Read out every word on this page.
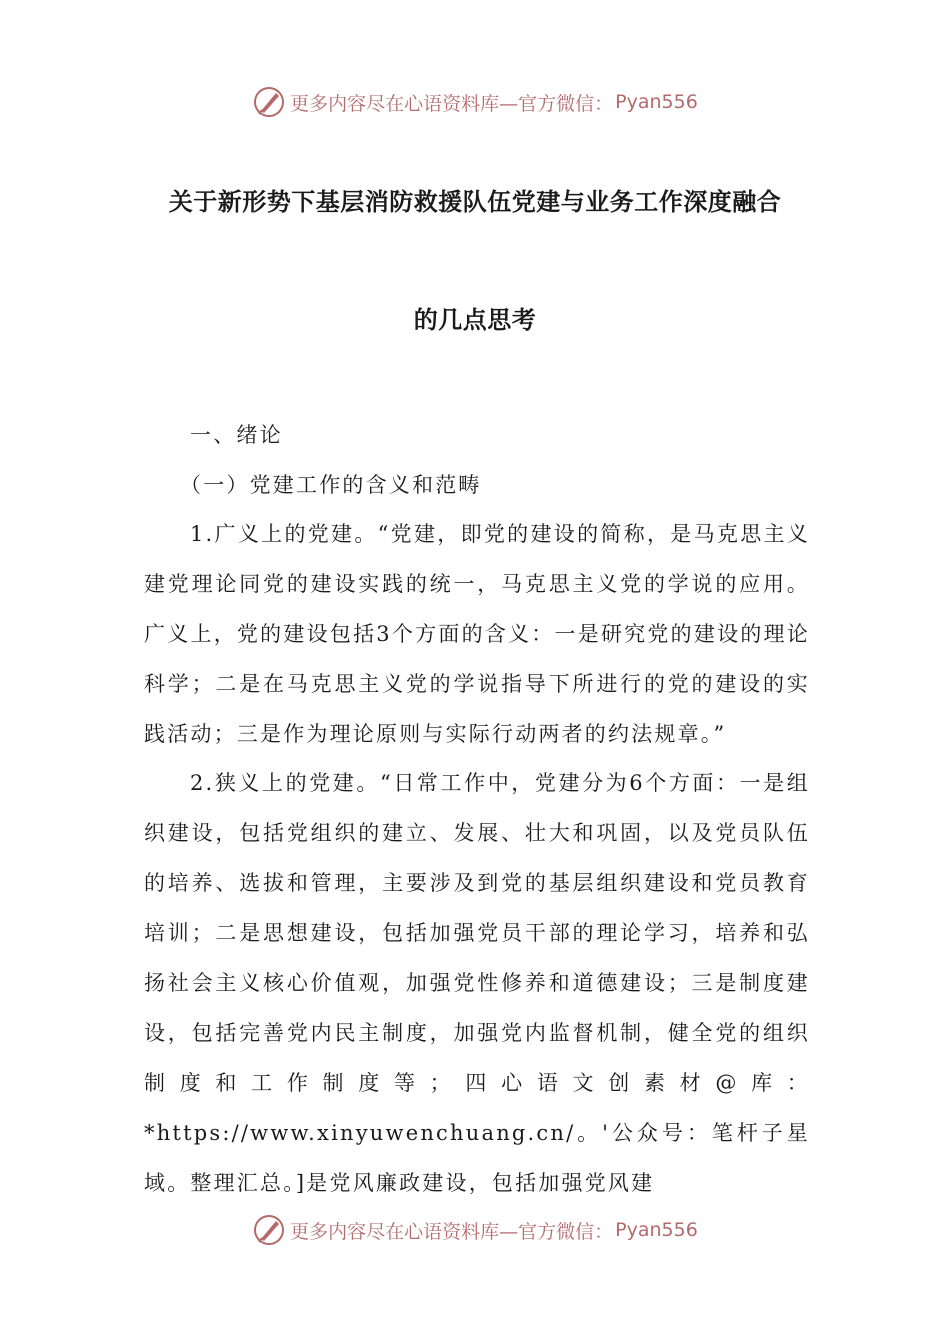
更多内容尽在心语资料库—官方微信： Pyan556
关于新形势下基层消防救援队伍党建与业务工作深度融合
的几点思考
一、绪论
（一）党建工作的含义和范畴
1.广义上的党建。“党建，即党的建设的简称，是马克思主义建党理论同党的建设实践的统一，马克思主义党的学说的应用。广义上，党的建设包括3个方面的含义：一是研究党的建设的理论科学；二是在马克思主义党的学说指导下所进行的党的建设的实践活动；三是作为理论原则与实际行动两者的约法规章。”
2.狭义上的党建。“日常工作中，党建分为6个方面：一是组织建设，包括党组织的建立、发展、壮大和巩固，以及党员队伍的培养、选拔和管理，主要涉及到党的基层组织建设和党员教育培训；二是思想建设，包括加强党员干部的理论学习，培养和弘扬社会主义核心价值观，加强党性修养和道德建设；三是制度建设，包括完善党内民主制度，加强党内监督机制，健全党的组织制度和工作制度等；四心语文创素材@库：*https://www.xinyuwenchuang.cn/。'公众号：笔杆子星域。整理汇总。]是党风廉政建设，包括加强党风建
更多内容尽在心语资料库—官方微信： Pyan556
